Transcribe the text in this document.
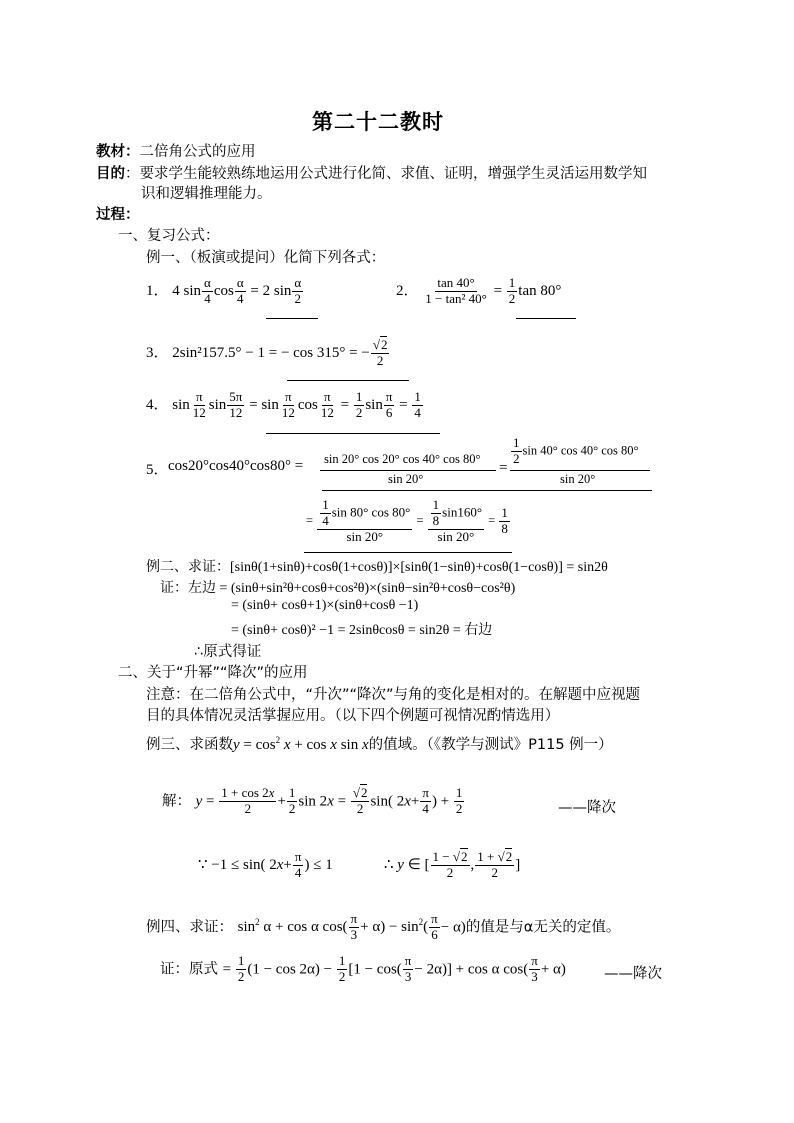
第二十二教时
教材：二倍角公式的应用
目的：要求学生能较熟练地运用公式进行化简、求值、证明，增强学生灵活运用数学知
识和逻辑推理能力。
过程：
一、复习公式：
例一、（板演或提问）化简下列各式：
1． 4 $\sin \frac{\alpha}{4}$ $\cos \frac{\alpha}{4} = 2$ $\sin \frac{\alpha}{2}$	2． $\frac{\tan 40^\circ}{\text{1 − tan² 40°}} = \frac{1}{2}$ tan 80°
3． 2sin²157.5° − 1 = − cos 315° = − $\frac{√2}{2}$
4． $\sin \frac{\pi}{12}$ $\sin \frac{5\pi}{12} = \sin \frac{\pi}{12}$ $\cos \frac{\pi}{12} = \frac{1}{2}$ $\sin \frac{\pi}{6} = \frac{1}{4}$
5． cos20°cos40°cos80° = sin 20° cos 20° cos 40° cos 80°
sin 20°
=
$\frac{1}{2}$ sin 40° cos 40° cos 80°
sin 20°
= $\frac{\frac{1}{4} \sin 80^\circ \cos 80^\circ}{\sin 20^\circ} = \frac{\frac{1}{8} \sin 160^\circ}{\sin 20^\circ} = \frac{1}{8}$
例二、求证：[sinθ(1+sinθ)+cosθ(1+cosθ)]×[sinθ(1−sinθ)+cosθ(1−cosθ)] = sin2θ
证：左边 = (sinθ+sin²θ+cosθ+cos²θ)×(sinθ−sin²θ+cosθ−cos²θ)
= (sinθ+ cosθ+1)×(sinθ+cosθ −1)
= (sinθ+ cosθ)² −1 = 2sinθcosθ = sin2θ = 右边
∴原式得证
二、关于“升幂”“降次”的应用
注意：在二倍角公式中，“升次”“降次”与角的变化是相对的。在解题中应视题
目的具体情况灵活掌握应用。（以下四个例题可视情况酌情选用）
例三、求函数$y = \cos^2 x + \cos x$ sin x的值域。（《教学与测试》P115 例一）
解： $y = \frac{1 + \cos 2x}{2} + \frac{1}{2}$ $\sin 2x = \frac{√2}{2} \sin$( $2x+ \frac{\pi}{4}$ ) + $\frac{1}{2}$	——降次
∵ −1 ≤ sin( $2x+ \frac{\pi}{4}$ ) ≤ 1	∴ y ∈ [ $\frac{1 - √2}{2}$ , $\frac{1 + √2}{2}$ ]
例四、求证： $\sin^2 \alpha + \cos \alpha$ $\cos( \frac{\pi}{3} + \alpha) - \sin^2( \frac{\pi}{6} - \alpha)$的值是与α无关的定值。
证：原式 = $\frac{1}{2} (1 - \cos 2\alpha) - \frac{1}{2} [1 - \cos( \frac{\pi}{3} - 2\alpha)] + \cos \alpha$ $\cos( \frac{\pi}{3} + \alpha)$	——降次
